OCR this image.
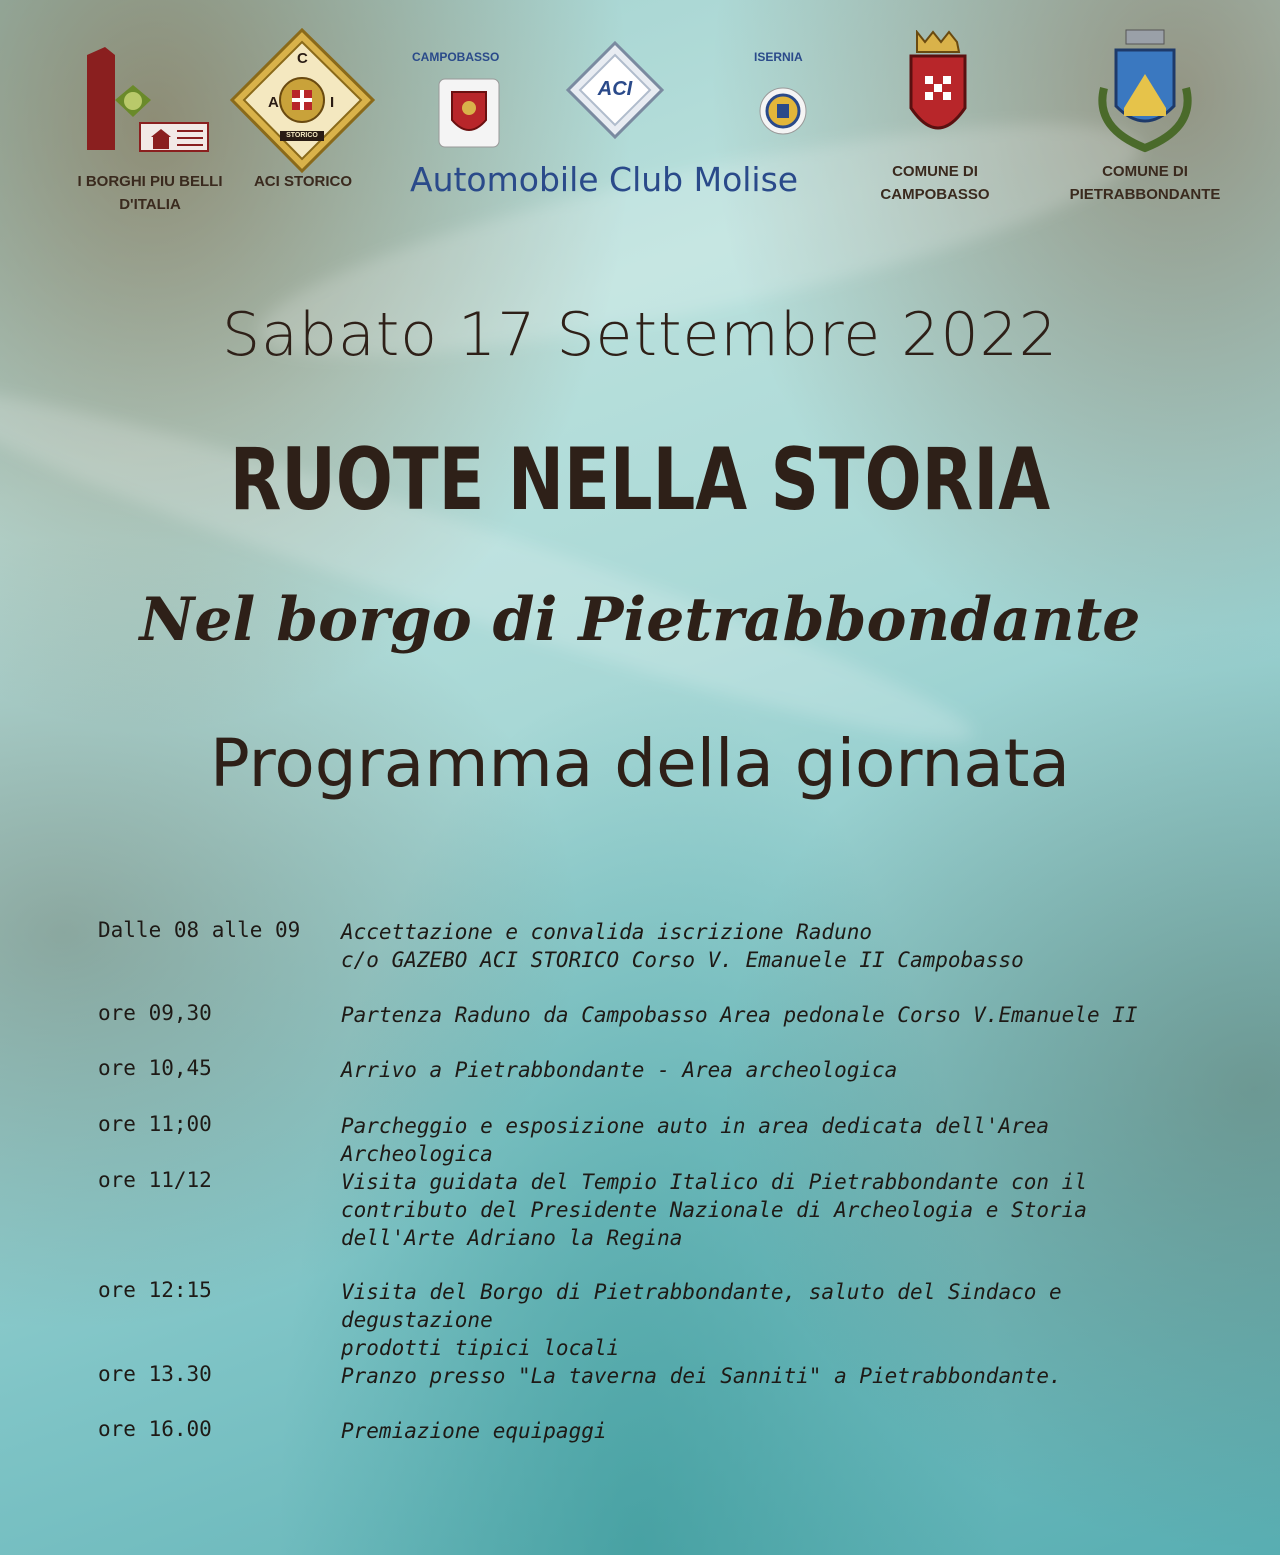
I BORGHI PIU BELLI
D'ITALIA
A
C
I
STORICO
ACI STORICO
CAMPOBASSO
ACI
ISERNIA
Automobile Club Molise	COMUNE DI
CAMPOBASSO
COMUNE DI
PIETRABBONDANTE
Sabato 17 Settembre 2022
RUOTE NELLA STORIA
Nel borgo di Pietrabbondante
Programma della giornata
Dalle 08 alle 09	Accettazione e convalida iscrizione Raduno
c/o GAZEBO ACI STORICO Corso V. Emanuele II Campobasso
ore 09,30	Partenza Raduno da Campobasso Area pedonale Corso V.Emanuele II
ore 10,45	Arrivo a Pietrabbondante - Area archeologica
ore 11;00	Parcheggio e esposizione auto in area dedicata dell'Area Archeologica
ore 11/12	Visita guidata del Tempio Italico di Pietrabbondante con il
contributo del Presidente Nazionale di Archeologia e Storia
dell'Arte Adriano la Regina
ore 12:15	Visita del Borgo di Pietrabbondante, saluto del Sindaco e degustazione
prodotti tipici locali
ore 13.30	Pranzo presso "La taverna dei Sanniti" a Pietrabbondante.
ore 16.00	Premiazione equipaggi
